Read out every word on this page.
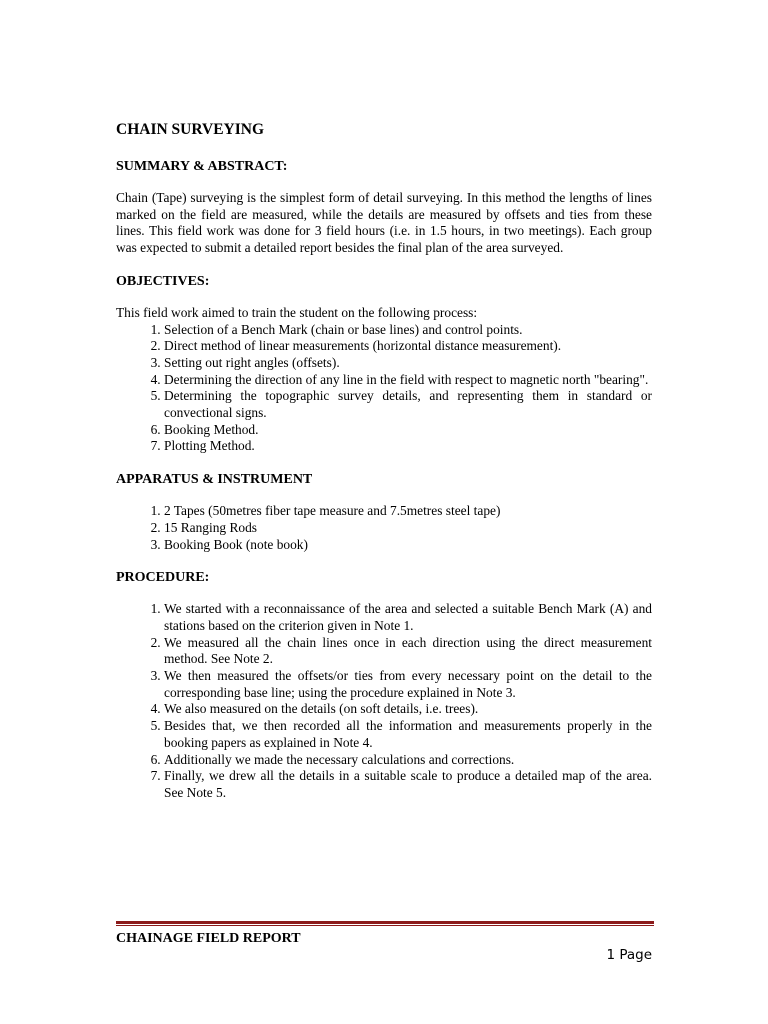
CHAIN SURVEYING
SUMMARY & ABSTRACT:

Chain (Tape) surveying is the simplest form of detail surveying. In this method the lengths of lines marked on the field are measured, while the details are measured by offsets and ties from these lines. This field work was done for 3 field hours (i.e. in 1.5 hours, in two meetings). Each group was expected to submit a detailed report besides the final plan of the area surveyed.

OBJECTIVES:

This field work aimed to train the student on the following process:

1. Selection of a Bench Mark (chain or base lines) and control points.
2. Direct method of linear measurements (horizontal distance measurement).
3. Setting out right angles (offsets).
4. Determining the direction of any line in the field with respect to magnetic north "bearing".
5. Determining the topographic survey details, and representing them in standard or convectional signs.
6. Booking Method.
7. Plotting Method.
APPARATUS & INSTRUMENT
1. 2 Tapes (50metres fiber tape measure and 7.5metres steel tape)
2. 15 Ranging Rods
3. Booking Book (note book)
PROCEDURE:
1. We started with a reconnaissance of the area and selected a suitable Bench Mark (A) and stations based on the criterion given in Note 1.
2. We measured all the chain lines once in each direction using the direct measurement method. See Note 2.
3. We then measured the offsets/or ties from every necessary point on the detail to the corresponding base line; using the procedure explained in Note 3.
4. We also measured on the details (on soft details, i.e. trees).
5. Besides that, we then recorded all the information and measurements properly in the booking papers as explained in Note 4.
6. Additionally we made the necessary calculations and corrections.
7. Finally, we drew all the details in a suitable scale to produce a detailed map of the area. See Note 5.
CHAINAGE FIELD REPORT
1 Page
